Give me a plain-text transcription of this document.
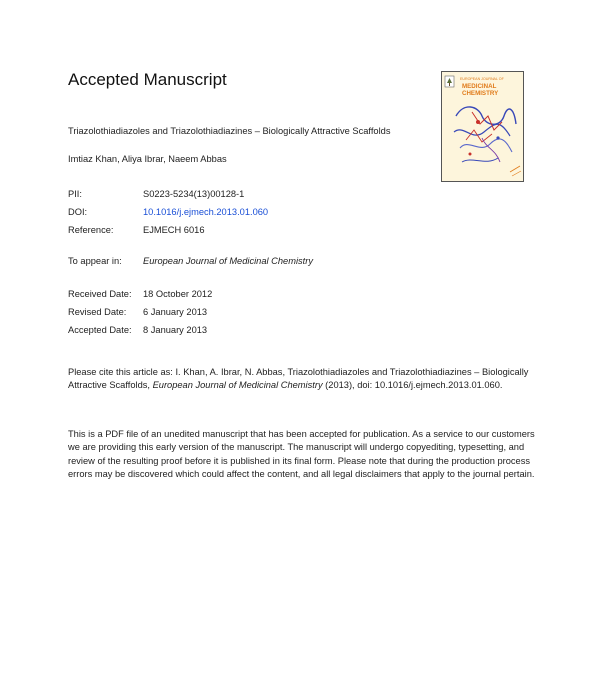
Accepted Manuscript	EUROPEAN JOURNAL OF
MEDICINAL
CHEMISTRY
Triazolothiadiazoles and Triazolothiadiazines – Biologically Attractive Scaffolds
Imtiaz Khan, Aliya Ibrar, Naeem Abbas
PII:	S0223-5234(13)00128-1
DOI:	10.1016/j.ejmech.2013.01.060
Reference:	EJMECH 6016
To appear in: European Journal of Medicinal Chemistry
Received Date: 18 October 2012
Revised Date: 6 January 2013
Accepted Date: 8 January 2013
Please cite this article as: I. Khan, A. Ibrar, N. Abbas, Triazolothiadiazoles and Triazolothiadiazines – Biologically Attractive Scaffolds, European Journal of Medicinal Chemistry (2013), doi: 10.1016/j.ejmech.2013.01.060.
This is a PDF file of an unedited manuscript that has been accepted for publication. As a service to our customers we are providing this early version of the manuscript. The manuscript will undergo copyediting, typesetting, and review of the resulting proof before it is published in its final form. Please note that during the production process errors may be discovered which could affect the content, and all legal disclaimers that apply to the journal pertain.
